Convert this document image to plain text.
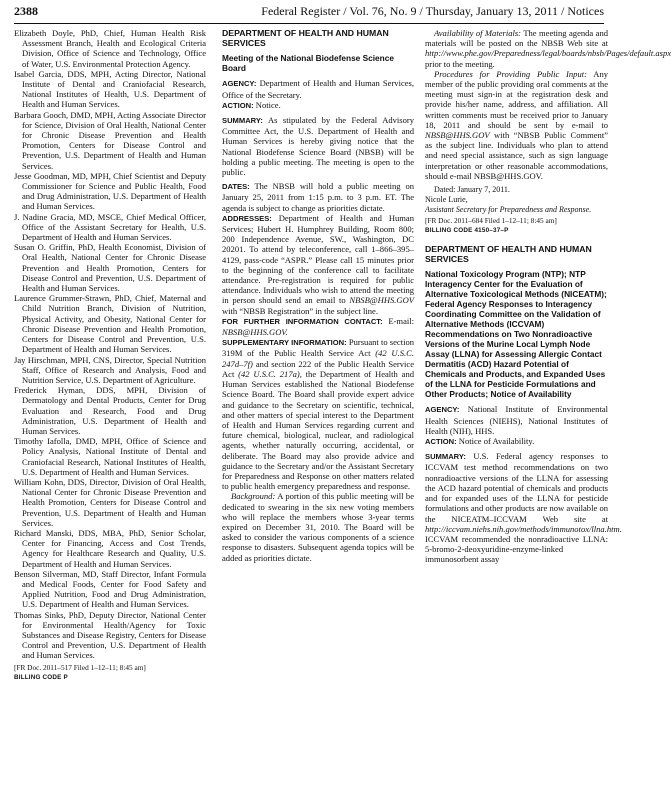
2388	Federal Register / Vol. 76, No. 9 / Thursday, January 13, 2011 / Notices

Elizabeth Doyle, PhD, Chief, Human Health Risk Assessment Branch, Health and Ecological Criteria Division, Office of Science and Technology, Office of Water, U.S. Environmental Protection Agency.

Isabel Garcia, DDS, MPH, Acting Director, National Institute of Dental and Craniofacial Research, National Institutes of Health, U.S. Department of Health and Human Services.

Barbara Gooch, DMD, MPH, Acting Associate Director for Science, Division of Oral Health, National Center for Chronic Disease Prevention and Health Promotion, Centers for Disease Control and Prevention, U.S. Department of Health and Human Services.

Jesse Goodman, MD, MPH, Chief Scientist and Deputy Commissioner for Science and Public Health, Food and Drug Administration, U.S. Department of Health and Human Services.

J. Nadine Gracia, MD, MSCE, Chief Medical Officer, Office of the Assistant Secretary for Health, U.S. Department of Health and Human Services.

Susan O. Griffin, PhD, Health Economist, Division of Oral Health, National Center for Chronic Disease Prevention and Health Promotion, Centers for Disease Control and Prevention, U.S. Department of Health and Human Services.

Laurence Grummer-Strawn, PhD, Chief, Maternal and Child Nutrition Branch, Division of Nutrition, Physical Activity, and Obesity, National Center for Chronic Disease Prevention and Health Promotion, Centers for Disease Control and Prevention, U.S. Department of Health and Human Services.

Jay Hirschman, MPH, CNS, Director, Special Nutrition Staff, Office of Research and Analysis, Food and Nutrition Service, U.S. Department of Agriculture.

Frederick Hyman, DDS, MPH, Division of Dermatology and Dental Products, Center for Drug Evaluation and Research, Food and Drug Administration, U.S. Department of Health and Human Services.

Timothy Iafolla, DMD, MPH, Office of Science and Policy Analysis, National Institute of Dental and Craniofacial Research, National Institutes of Health, U.S. Department of Health and Human Services.

William Kohn, DDS, Director, Division of Oral Health, National Center for Chronic Disease Prevention and Health Promotion, Centers for Disease Control and Prevention, U.S. Department of Health and Human Services.

Richard Manski, DDS, MBA, PhD, Senior Scholar, Center for Financing, Access and Cost Trends, Agency for Healthcare Research and Quality, U.S. Department of Health and Human Services.

Benson Silverman, MD, Staff Director, Infant Formula and Medical Foods, Center for Food Safety and Applied Nutrition, Food and Drug Administration, U.S. Department of Health and Human Services.

Thomas Sinks, PhD, Deputy Director, National Center for Environmental Health/Agency for Toxic Substances and Disease Registry, Centers for Disease Control and Prevention, U.S. Department of Health and Human Services.

[FR Doc. 2011–517 Filed 1–12–11; 8:45 am]

BILLING CODE P
DEPARTMENT OF HEALTH AND HUMAN SERVICES
Meeting of the National Biodefense Science Board

AGENCY: Department of Health and Human Services, Office of the Secretary.

ACTION: Notice.

SUMMARY: As stipulated by the Federal Advisory Committee Act, the U.S. Department of Health and Human Services is hereby giving notice that the National Biodefense Science Board (NBSB) will be holding a public meeting. The meeting is open to the public.

DATES: The NBSB will hold a public meeting on January 25, 2011 from 1:15 p.m. to 3 p.m. ET. The agenda is subject to change as priorities dictate.

ADDRESSES: Department of Health and Human Services; Hubert H. Humphrey Building, Room 800; 200 Independence Avenue, SW., Washington, DC 20201. To attend by teleconference, call 1–866–395–4129, pass-code “ASPR.” Please call 15 minutes prior to the beginning of the conference call to facilitate attendance. Pre-registration is required for public attendance. Individuals who wish to attend the meeting in person should send an email to NBSB@HHS.GOV with “NBSB Registration” in the subject line.

FOR FURTHER INFORMATION CONTACT: E-mail: NBSB@HHS.GOV.

SUPPLEMENTARY INFORMATION: Pursuant to section 319M of the Public Health Service Act (42 U.S.C. 247d–7f) and section 222 of the Public Health Service Act (42 U.S.C. 217a), the Department of Health and Human Services established the National Biodefense Science Board. The Board shall provide expert advice and guidance to the Secretary on scientific, technical, and other matters of special interest to the Department of Health and Human Services regarding current and future chemical, biological, nuclear, and radiological agents, whether naturally occurring, accidental, or deliberate. The Board may also provide advice and guidance to the Secretary and/or the Assistant Secretary for Preparedness and Response on other matters related to public health emergency preparedness and response.

Background: A portion of this public meeting will be dedicated to swearing in the six new voting members who will replace the members whose 3-year terms expired on December 31, 2010. The Board will be asked to consider the various components of a science response to disasters. Subsequent agenda topics will be added as priorities dictate.

Availability of Materials: The meeting agenda and materials will be posted on the NBSB Web site at http://www.phe.gov/Preparedness/legal/boards/nbsb/Pages/default.aspx prior to the meeting.

Procedures for Providing Public Input: Any member of the public providing oral comments at the meeting must sign-in at the registration desk and provide his/her name, address, and affiliation. All written comments must be received prior to January 18, 2011 and should be sent by e-mail to NBSB@HHS.GOV with “NBSB Public Comment” as the subject line. Individuals who plan to attend and need special assistance, such as sign language interpretation or other reasonable accommodations, should e-mail NBSB@HHS.GOV.

Dated: January 7, 2011.

Nicole Lurie,

Assistant Secretary for Preparedness and Response.

[FR Doc. 2011–684 Filed 1–12–11; 8:45 am]

BILLING CODE 4150–37–P
DEPARTMENT OF HEALTH AND HUMAN SERVICES
National Toxicology Program (NTP); NTP Interagency Center for the Evaluation of Alternative Toxicological Methods (NICEATM); Federal Agency Responses to Interagency Coordinating Committee on the Validation of Alternative Methods (ICCVAM) Recommendations on Two Nonradioactive Versions of the Murine Local Lymph Node Assay (LLNA) for Assessing Allergic Contact Dermatitis (ACD) Hazard Potential of Chemicals and Products, and Expanded Uses of the LLNA for Pesticide Formulations and Other Products; Notice of Availability

AGENCY: National Institute of Environmental Health Sciences (NIEHS), National Institutes of Health (NIH), HHS.

ACTION: Notice of Availability.

SUMMARY: U.S. Federal agency responses to ICCVAM test method recommendations on two nonradioactive versions of the LLNA for assessing the ACD hazard potential of chemicals and products and for expanded uses of the LLNA for pesticide formulations and other products are now available on the NICEATM–ICCVAM Web site at http://iccvam.niehs.nih.gov/methods/immunotox/llna.htm. ICCVAM recommended the nonradioactive LLNA: 5-bromo-2-deoxyuridine-enzyme-linked immunosorbent assay
